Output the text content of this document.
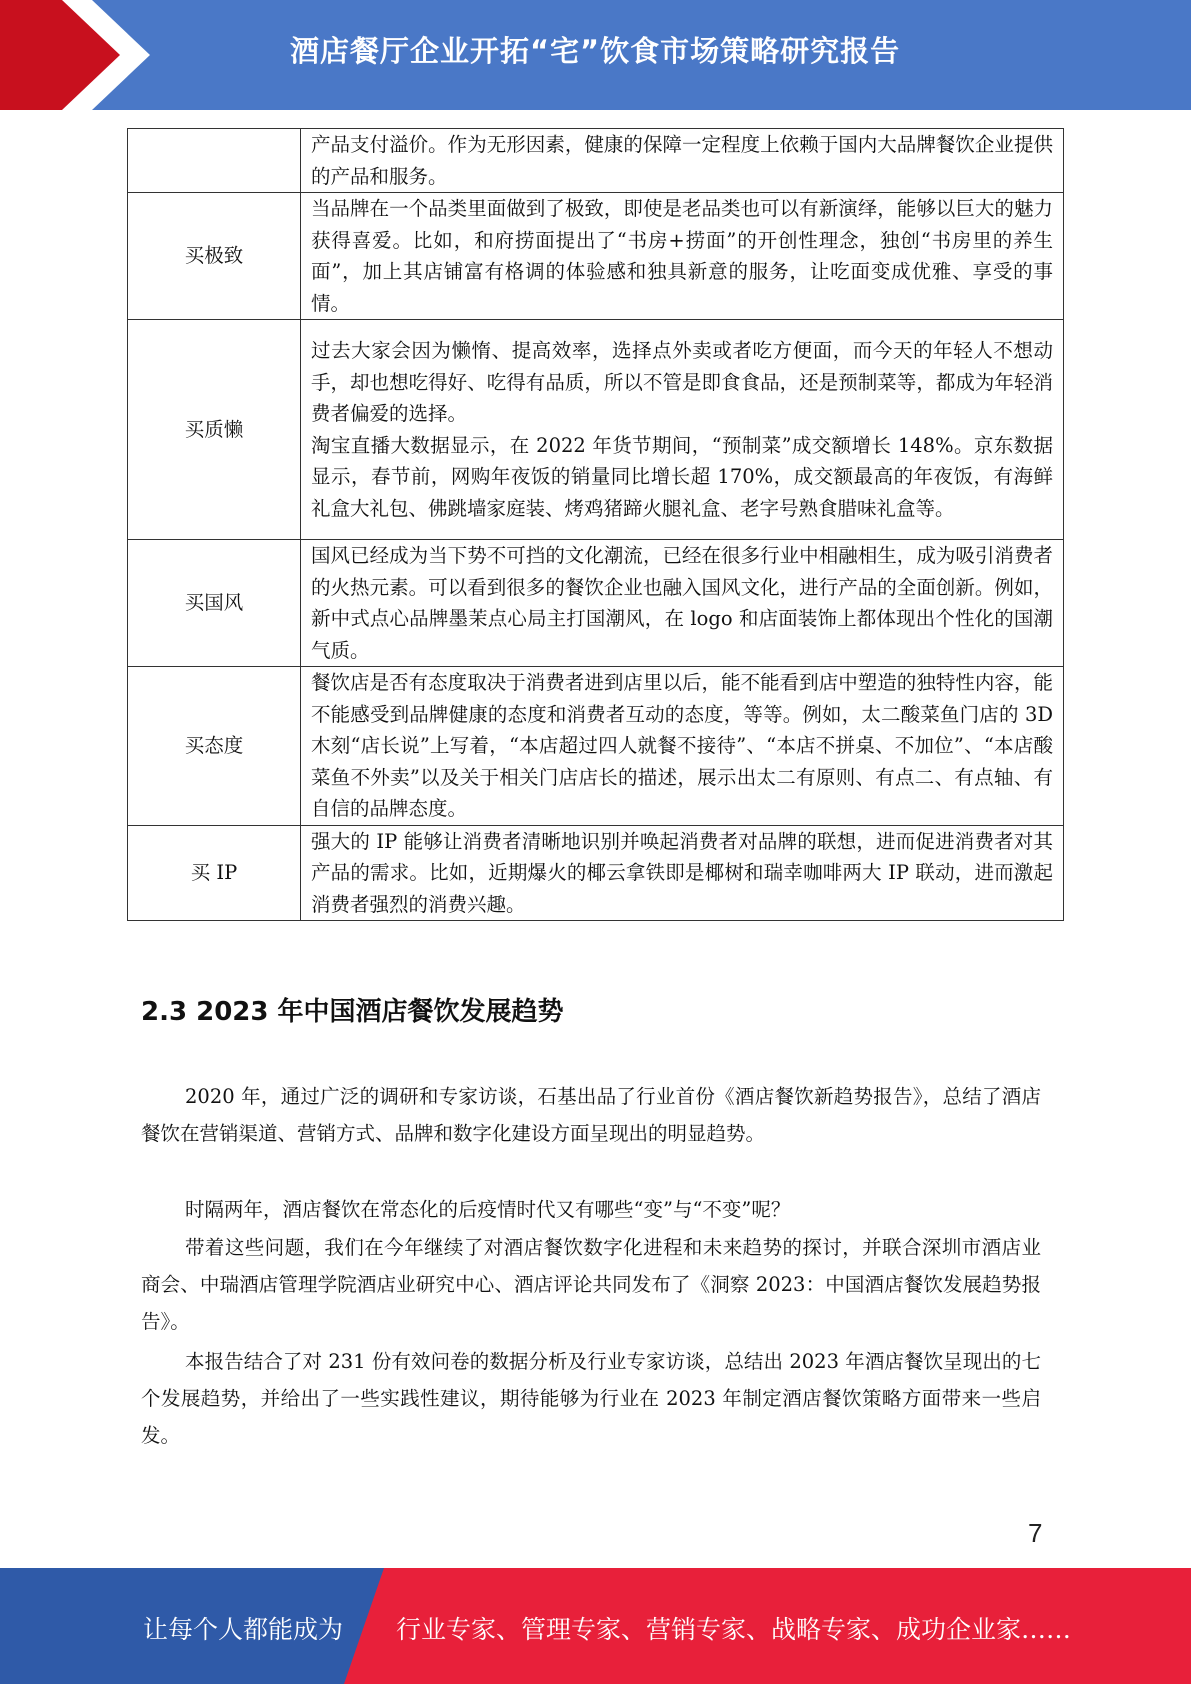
酒店餐厅企业开拓“宅”饮食市场策略研究报告
	产品支付溢价。作为无形因素，健康的保障一定程度上依赖于国内大品牌餐饮企业提供的产品和服务。
买极致	当品牌在一个品类里面做到了极致，即使是老品类也可以有新演绎，能够以巨大的魅力获得喜爱。比如，和府捞面提出了“书房+捞面”的开创性理念，独创“书房里的养生面”，加上其店铺富有格调的体验感和独具新意的服务，让吃面变成优雅、享受的事情。
买质懒	过去大家会因为懒惰、提高效率，选择点外卖或者吃方便面，而今天的年轻人不想动手，却也想吃得好、吃得有品质，所以不管是即食食品，还是预制菜等，都成为年轻消费者偏爱的选择。
淘宝直播大数据显示，在 2022 年货节期间，“预制菜”成交额增长 148%。京东数据显示，春节前，网购年夜饭的销量同比增长超 170%，成交额最高的年夜饭，有海鲜礼盒大礼包、佛跳墙家庭装、烤鸡猪蹄火腿礼盒、老字号熟食腊味礼盒等。

买国风	国风已经成为当下势不可挡的文化潮流，已经在很多行业中相融相生，成为吸引消费者的火热元素。可以看到很多的餐饮企业也融入国风文化，进行产品的全面创新。例如，新中式点心品牌墨茉点心局主打国潮风，在 logo 和店面装饰上都体现出个性化的国潮气质。
买态度	餐饮店是否有态度取决于消费者进到店里以后，能不能看到店中塑造的独特性内容，能不能感受到品牌健康的态度和消费者互动的态度，等等。例如，太二酸菜鱼门店的 3D 木刻“店长说”上写着，“本店超过四人就餐不接待”、“本店不拼桌、不加位”、“本店酸菜鱼不外卖”以及关于相关门店店长的描述，展示出太二有原则、有点二、有点轴、有自信的品牌态度。
买 IP	强大的 IP 能够让消费者清晰地识别并唤起消费者对品牌的联想，进而促进消费者对其产品的需求。比如，近期爆火的椰云拿铁即是椰树和瑞幸咖啡两大 IP 联动，进而激起消费者强烈的消费兴趣。
2.3 2023 年中国酒店餐饮发展趋势

2020 年，通过广泛的调研和专家访谈，石基出品了行业首份《酒店餐饮新趋势报告》，总结了酒店餐饮在营销渠道、营销方式、品牌和数字化建设方面呈现出的明显趋势。

时隔两年，酒店餐饮在常态化的后疫情时代又有哪些“变”与“不变”呢？

带着这些问题，我们在今年继续了对酒店餐饮数字化进程和未来趋势的探讨，并联合深圳市酒店业商会、中瑞酒店管理学院酒店业研究中心、酒店评论共同发布了《洞察 2023：中国酒店餐饮发展趋势报告》。

本报告结合了对 231 份有效问卷的数据分析及行业专家访谈，总结出 2023 年酒店餐饮呈现出的七个发展趋势，并给出了一些实践性建议，期待能够为行业在 2023 年制定酒店餐饮策略方面带来一些启发。

7
让每个人都能成为 行业专家、管理专家、营销专家、战略专家、成功企业家……
